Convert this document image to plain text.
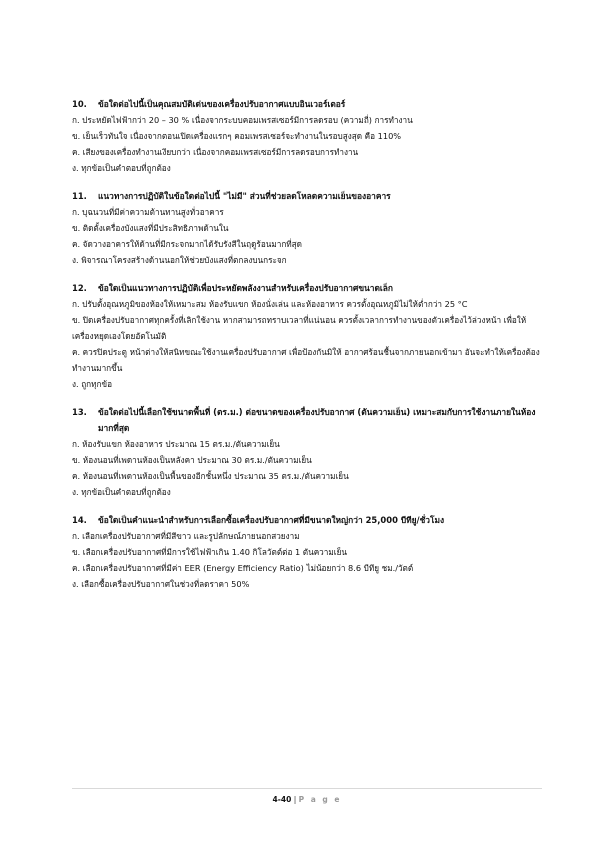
10.	ข้อใดต่อไปนี้เป็นคุณสมบัติเด่นของเครื่องปรับอากาศแบบอินเวอร์เตอร์
ก. ประหยัดไฟฟ้ากว่า 20 – 30 % เนื่องจากระบบคอมเพรสเซอร์มีการลดรอบ (ความถี่) การทำงาน
ข. เย็นเร็วทันใจ เนื่องจากตอนเปิดเครื่องแรกๆ คอมเพรสเซอร์จะทำงานในรอบสูงสุด คือ 110%
ค. เสียงของเครื่องทำงานเงียบกว่า เนื่องจากคอมเพรสเซอร์มีการลดรอบการทำงาน
ง. ทุกข้อเป็นคำตอบที่ถูกต้อง
11.	แนวทางการปฏิบัติในข้อใดต่อไปนี้ "ไม่มี" ส่วนที่ช่วยลดโหลดความเย็นของอาคาร
ก. บุฉนวนที่มีค่าความต้านทานสูงทั่วอาคาร
ข. ติดตั้งเครื่องบังแสงที่มีประสิทธิภาพด้านใน
ค. จัดวางอาคารให้ด้านที่มีกระจกมากได้รับรังสีในฤดูร้อนมากที่สุด
ง. พิจารณาโครงสร้างด้านนอกให้ช่วยบังแสงที่ตกลงบนกระจก
12.	ข้อใดเป็นแนวทางการปฏิบัติเพื่อประหยัดพลังงานสำหรับเครื่องปรับอากาศขนาดเล็ก
ก. ปรับตั้งอุณหภูมิของห้องให้เหมาะสม ห้องรับแขก ห้องนั่งเล่น และห้องอาหาร ควรตั้งอุณหภูมิไม่ให้ต่ำกว่า 25 °C
ข. ปิดเครื่องปรับอากาศทุกครั้งที่เลิกใช้งาน หากสามารถทราบเวลาที่แน่นอน ควรตั้งเวลาการทำงานของตัวเครื่องไว้ล่วงหน้า เพื่อให้เครื่องหยุดเองโดยอัตโนมัติ
ค. ควรปิดประตู หน้าต่างให้สนิทขณะใช้งานเครื่องปรับอากาศ เพื่อป้องกันมิให้ อากาศร้อนชื้นจากภายนอกเข้ามา อันจะทำให้เครื่องต้องทำงานมากขึ้น
ง. ถูกทุกข้อ
13.	ข้อใดต่อไปนี้เลือกใช้ขนาดพื้นที่ (ตร.ม.) ต่อขนาดของเครื่องปรับอากาศ (ตันความเย็น) เหมาะสมกับการใช้งานภายในห้องมากที่สุด
ก. ห้องรับแขก ห้องอาหาร ประมาณ 15 ตร.ม./ตันความเย็น
ข. ห้องนอนที่เพดานห้องเป็นหลังคา ประมาณ 30 ตร.ม./ตันความเย็น
ค. ห้องนอนที่เพดานห้องเป็นพื้นของอีกชั้นหนึ่ง ประมาณ 35 ตร.ม./ตันความเย็น
ง. ทุกข้อเป็นคำตอบที่ถูกต้อง
14.	ข้อใดเป็นคำแนะนำสำหรับการเลือกซื้อเครื่องปรับอากาศที่มีขนาดใหญ่กว่า 25,000 บีทียู/ชั่วโมง
ก. เลือกเครื่องปรับอากาศที่มีสีขาว และรูปลักษณ์ภายนอกสวยงาม
ข. เลือกเครื่องปรับอากาศที่มีการใช้ไฟฟ้าเกิน 1.40 กิโลวัตต์ต่อ 1 ตันความเย็น
ค. เลือกเครื่องปรับอากาศที่มีค่า EER (Energy Efficiency Ratio) ไม่น้อยกว่า 8.6 บีทียู ชม./วัตต์
ง. เลือกซื้อเครื่องปรับอากาศในช่วงที่ลดราคา 50%
4-40 | P a g e
